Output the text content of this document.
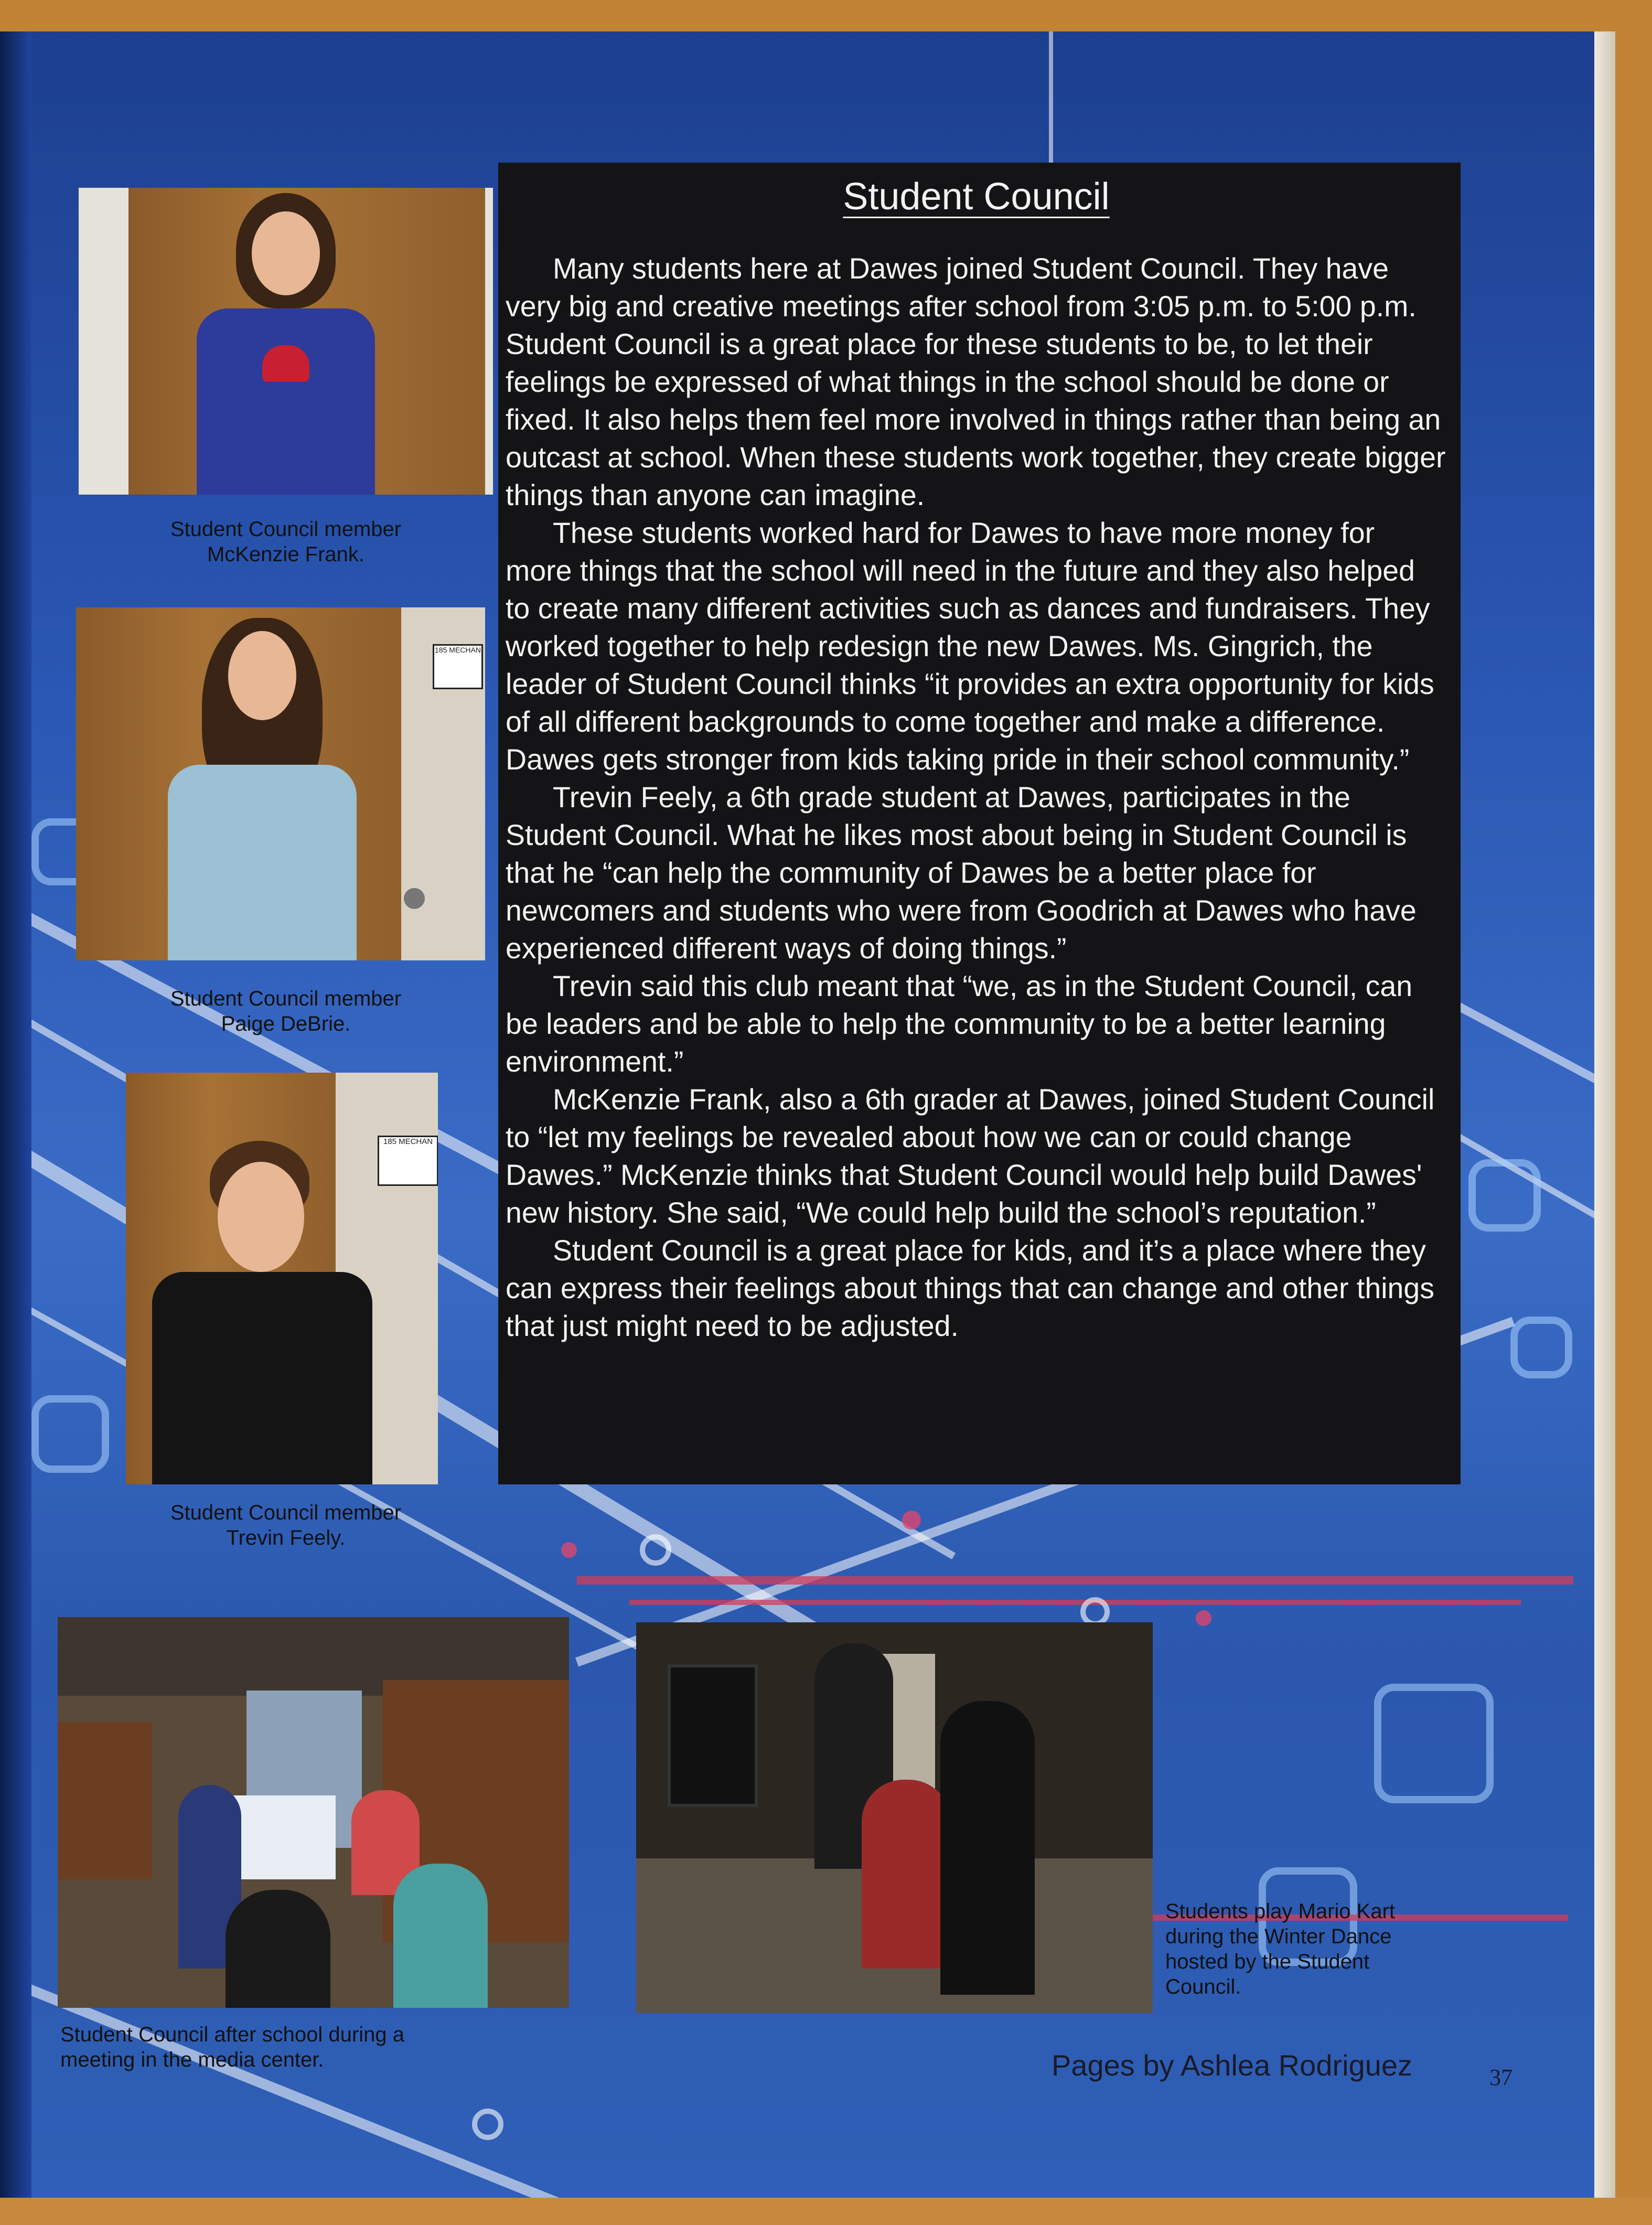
Student Council member
McKenzie Frank.
185 MECHAN
Student Council member
Paige DeBrie.
185 MECHAN
Student Council member
Trevin Feely.
Student Council

Many students here at Dawes joined Student Council. They have very big and creative meetings after school from 3:05 p.m. to 5:00 p.m. Student Council is a great place for these students to be, to let their feelings be expressed of what things in the school should be done or fixed. It also helps them feel more involved in things rather than being an outcast at school. When these students work together, they create bigger things than anyone can imagine.

These students worked hard for Dawes to have more money for more things that the school will need in the future and they also helped to create many different activities such as dances and fundraisers. They worked together to help redesign the new Dawes. Ms. Gingrich, the leader of Student Council thinks “it provides an extra opportunity for kids of all different backgrounds to come together and make a difference. Dawes gets stronger from kids taking pride in their school community.”

Trevin Feely, a 6th grade student at Dawes, participates in the Student Council. What he likes most about being in Student Council is that he “can help the community of Dawes be a better place for newcomers and students who were from Goodrich at Dawes who have experienced different ways of doing things.”

Trevin said this club meant that “we, as in the Student Council, can be leaders and be able to help the community to be a better learning environment.”

McKenzie Frank, also a 6th grader at Dawes, joined Student Council to “let my feelings be revealed about how we can or could change Dawes.” McKenzie thinks that Student Council would help build Dawes' new history. She said, “We could help build the school’s reputation.”

Student Council is a great place for kids, and it’s a place where they can express their feelings about things that can change and other things that just might need to be adjusted.

Student Council after school during a
meeting in the media center.
Students play Mario Kart
during the Winter Dance
hosted by the Student
Council.
Pages by Ashlea Rodriguez	37
